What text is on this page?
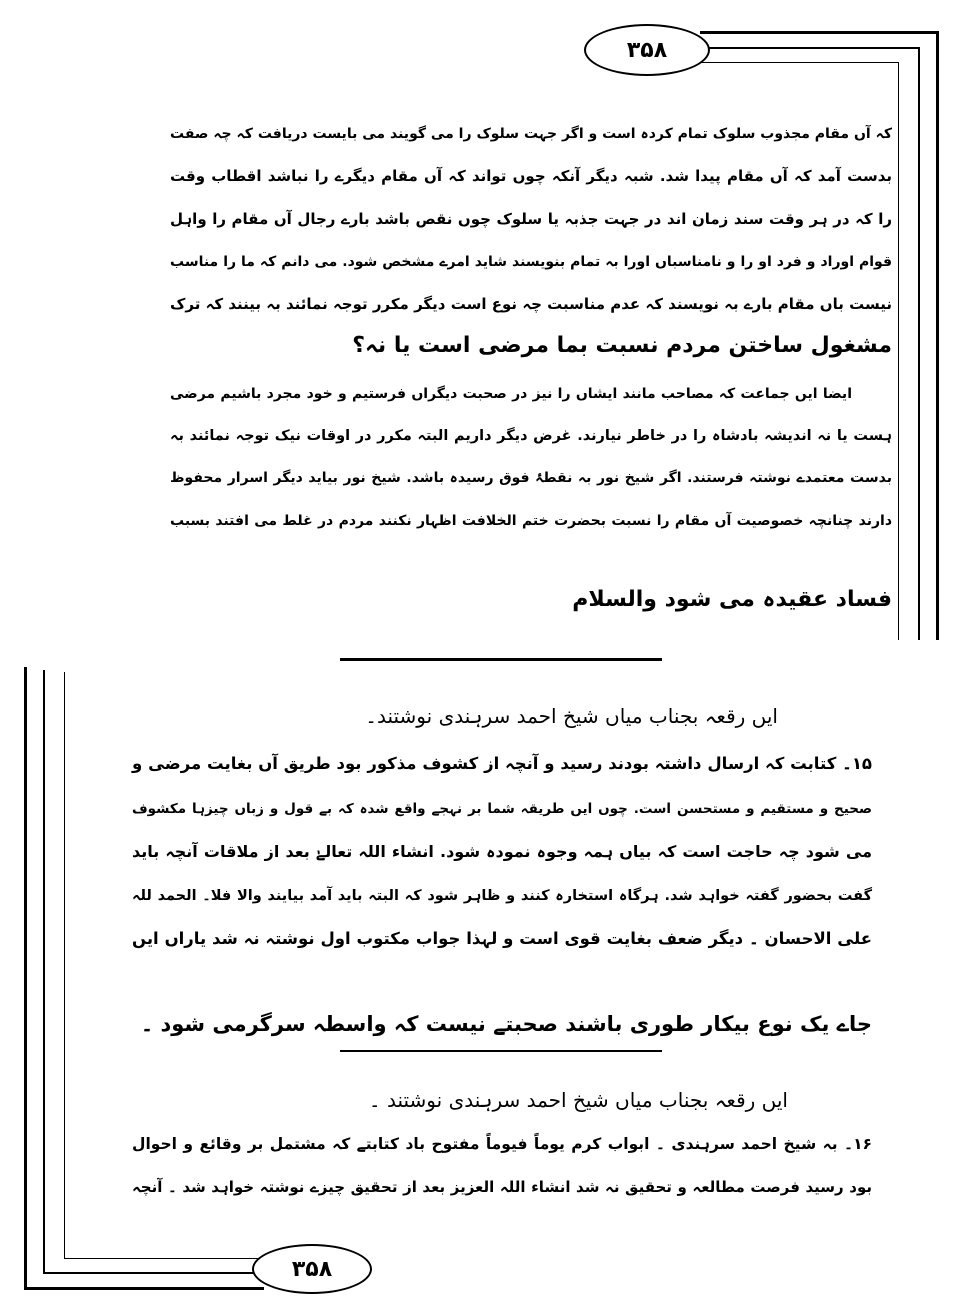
۳۵۸
۳۵۸
کہ آں مقام مجذوب سلوک تمام کردہ است و اگر جہت سلوک را می گویند می بایست دریافت کہ چہ صفت
بدست آمد کہ آں مقام پیدا شد. شبہ دیگر آنکہ چوں تواند کہ آں مقام دیگرے را نباشد اقطاب وقت
را کہ در ہر وقت سند زمان اند در جہت جذبہ یا سلوک چوں نقص باشد بارے رجال آں مقام را واہل
قوام اوراد و فرد او را و نامناسباں اورا بہ تمام بنویسند شاید امرے مشخص شود. می دانم کہ ما را مناسب
نیست باں مقام بارے بہ نویسند کہ عدم مناسبت چہ نوع است دیگر مکرر توجہ نمائند بہ بینند کہ ترک
مشغول ساختن مردم نسبت بما مرضی است یا نہ؟
ایضا ایں جماعت کہ مصاحب مانند ایشاں را نیز در صحبت دیگراں فرستیم و خود مجرد باشیم مرضی
ہست یا نہ اندیشہ بادشاہ را در خاطر نیارند. غرض دیگر داریم البتہ مکرر در اوقات نیک توجہ نمائند بہ
بدست معتمدے نوشتہ فرستند. اگر شیخ نور بہ نقطۂ فوق رسیدہ باشد. شیخ نور بیاید دیگر اسرار محفوظ
دارند چنانچہ خصوصیت آں مقام را نسبت بحضرت ختم الخلافت اظہار نکنند مردم در غلط می افتند بسبب
فساد عقیدہ می شود والسلام
ایں رقعہ بجناب میاں شیخ احمد سرہندی نوشتند۔
۱۵۔ کتابت کہ ارسال داشتہ بودند رسید و آنچہ از کشوف مذکور بود طریق آں بغایت مرضی و
صحیح و مستقیم و مستحسن است. چوں ایں طریقہ شما بر نہجے واقع شدہ کہ بے قول و زباں چیزہا مکشوف
می شود چہ حاجت است کہ بیاں ہمہ وجوہ نمودہ شود. انشاء اللہ تعالےٰ بعد از ملاقات آنچہ باید
گفت بحضور گفتہ خواہد شد. ہرگاہ استخارہ کنند و ظاہر شود کہ البتہ باید آمد بیایند والا فلا۔ الحمد للہ
علی الاحسان ۔ دیگر ضعف بغایت قوی است و لہذا جواب مکتوب اول نوشتہ نہ شد یاراں ایں
جاے یک نوع بیکار طوری باشند صحبتے نیست کہ واسطہ سرگرمی شود ۔
ایں رقعہ بجناب میاں شیخ احمد سرہندی نوشتند ۔
۱۶۔ بہ شیخ احمد سرہندی ۔ ابواب کرم یوماً فیوماً مفتوح باد کتابتے کہ مشتمل بر وقائع و احوال
بود رسید فرصت مطالعہ و تحقیق نہ شد انشاء اللہ العزیز بعد از تحقیق چیزے نوشتہ خواہد شد ۔ آنچہ
